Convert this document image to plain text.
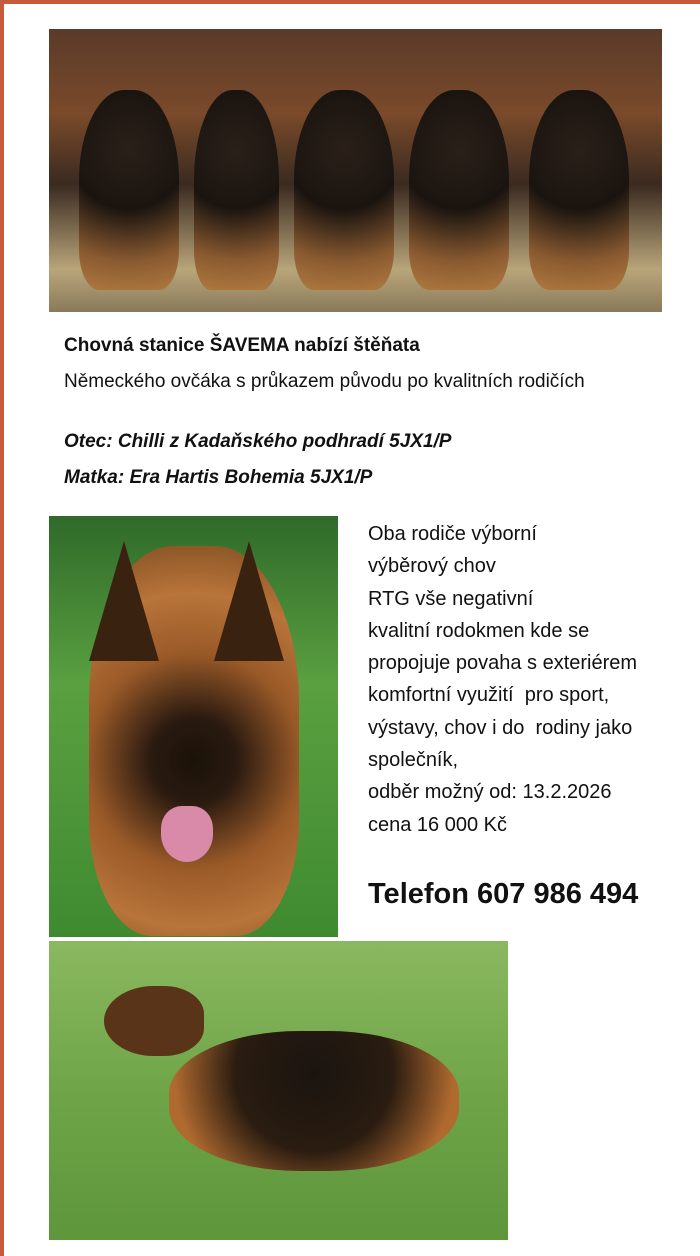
Chovná stanice ŠAVEMA nabízí štěňata
Německého ovčáka s průkazem původu po kvalitních rodičích
Otec: Chilli z Kadaňského podhradí 5JX1/P
Matka: Era Hartis Bohemia 5JX1/P
Oba rodiče výborní
výběrový chov
RTG vše negativní
kvalitní rodokmen kde se
propojuje povaha s exteriérem
komfortní využití  pro sport,
výstavy, chov i do  rodiny jako
společník,
odběr možný od: 13.2.2026
cena 16 000 Kč
Telefon 607 986 494
